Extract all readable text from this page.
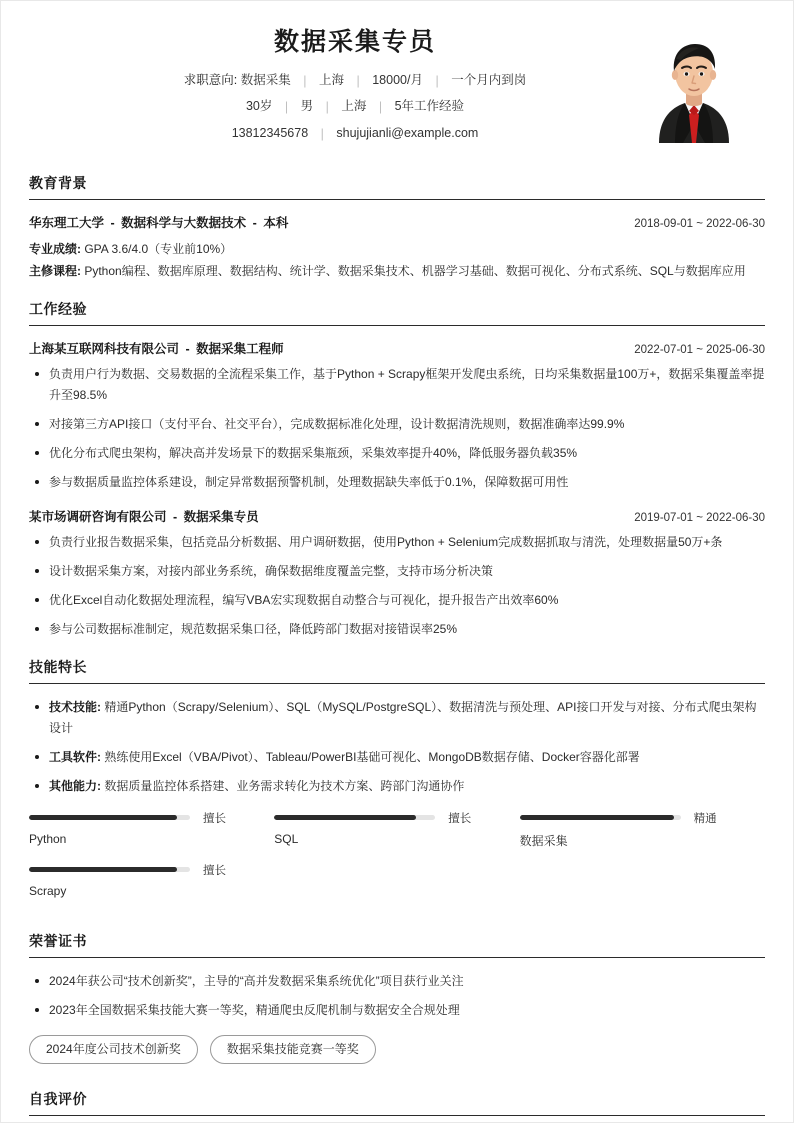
数据采集专员
求职意向: 数据采集 | 上海 | 18000/月 | 一个月内到岗
30岁 | 男 | 上海 | 5年工作经验
13812345678 | shujujianli@example.com
教育背景
华东理工大学 - 数据科学与大数据技术 - 本科	2018-09-01 ~ 2022-06-30
专业成绩: GPA 3.6/4.0（专业前10%）
主修课程: Python编程、数据库原理、数据结构、统计学、数据采集技术、机器学习基础、数据可视化、分布式系统、SQL与数据库应用
工作经验
上海某互联网科技有限公司 - 数据采集工程师	2022-07-01 ~ 2025-06-30
负责用户行为数据、交易数据的全流程采集工作，基于Python + Scrapy框架开发爬虫系统，日均采集数据量100万+，数据采集覆盖率提升至98.5%
对接第三方API接口（支付平台、社交平台），完成数据标准化处理，设计数据清洗规则，数据准确率达99.9%
优化分布式爬虫架构，解决高并发场景下的数据采集瓶颈，采集效率提升40%，降低服务器负载35%
参与数据质量监控体系建设，制定异常数据预警机制，处理数据缺失率低于0.1%，保障数据可用性
某市场调研咨询有限公司 - 数据采集专员	2019-07-01 ~ 2022-06-30
负责行业报告数据采集，包括竞品分析数据、用户调研数据，使用Python + Selenium完成数据抓取与清洗，处理数据量50万+条
设计数据采集方案，对接内部业务系统，确保数据维度覆盖完整，支持市场分析决策
优化Excel自动化数据处理流程，编写VBA宏实现数据自动整合与可视化，提升报告产出效率60%
参与公司数据标准制定，规范数据采集口径，降低跨部门数据对接错误率25%
技能特长
技术技能: 精通Python（Scrapy/Selenium）、SQL（MySQL/PostgreSQL）、数据清洗与预处理、API接口开发与对接、分布式爬虫架构设计
工具软件: 熟练使用Excel（VBA/Pivot）、Tableau/PowerBI基础可视化、MongoDB数据存储、Docker容器化部署
其他能力: 数据质量监控体系搭建、业务需求转化为技术方案、跨部门沟通协作
擅长
Python
擅长
SQL
精通
数据采集
擅长
Scrapy
荣誉证书
2024年获公司“技术创新奖”，主导的“高并发数据采集系统优化”项目获行业关注
2023年全国数据采集技能大赛一等奖，精通爬虫反爬机制与数据安全合规处理
2024年度公司技术创新奖	数据采集技能竞赛一等奖
自我评价
